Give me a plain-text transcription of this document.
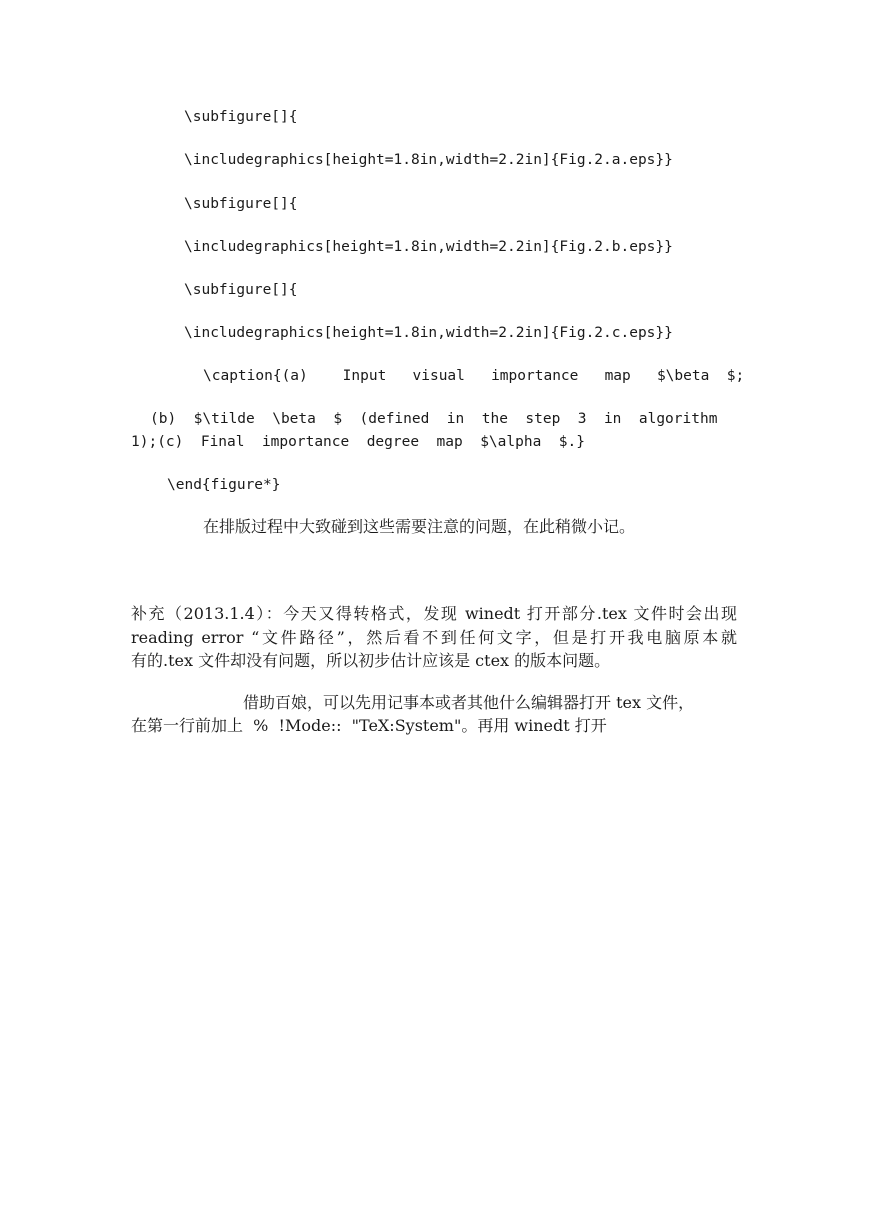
\subfigure[]{
\includegraphics[height=1.8in,width=2.2in]{Fig.2.a.eps}}
\subfigure[]{
\includegraphics[height=1.8in,width=2.2in]{Fig.2.b.eps}}
\subfigure[]{
\includegraphics[height=1.8in,width=2.2in]{Fig.2.c.eps}}
\caption{(a)    Input   visual   importance   map   $\beta  $;
(b)  $\tilde  \beta  $  (defined  in  the  step  3  in  algorithm
1);(c)  Final  importance  degree  map  $\alpha  $.}
\end{figure*}
在排版过程中大致碰到这些需要注意的问题，在此稍微小记。
补充（2013.1.4）：今天又得转格式，发现 winedt 打开部分.tex 文件时会出现
reading error “文件路径”，然后看不到任何文字，但是打开我电脑原本就
有的.tex 文件却没有问题，所以初步估计应该是 ctex 的版本问题。
借助百娘，可以先用记事本或者其他什么编辑器打开 tex 文件，
在第一行前加上  %  !Mode::  "TeX:System"。再用 winedt 打开
